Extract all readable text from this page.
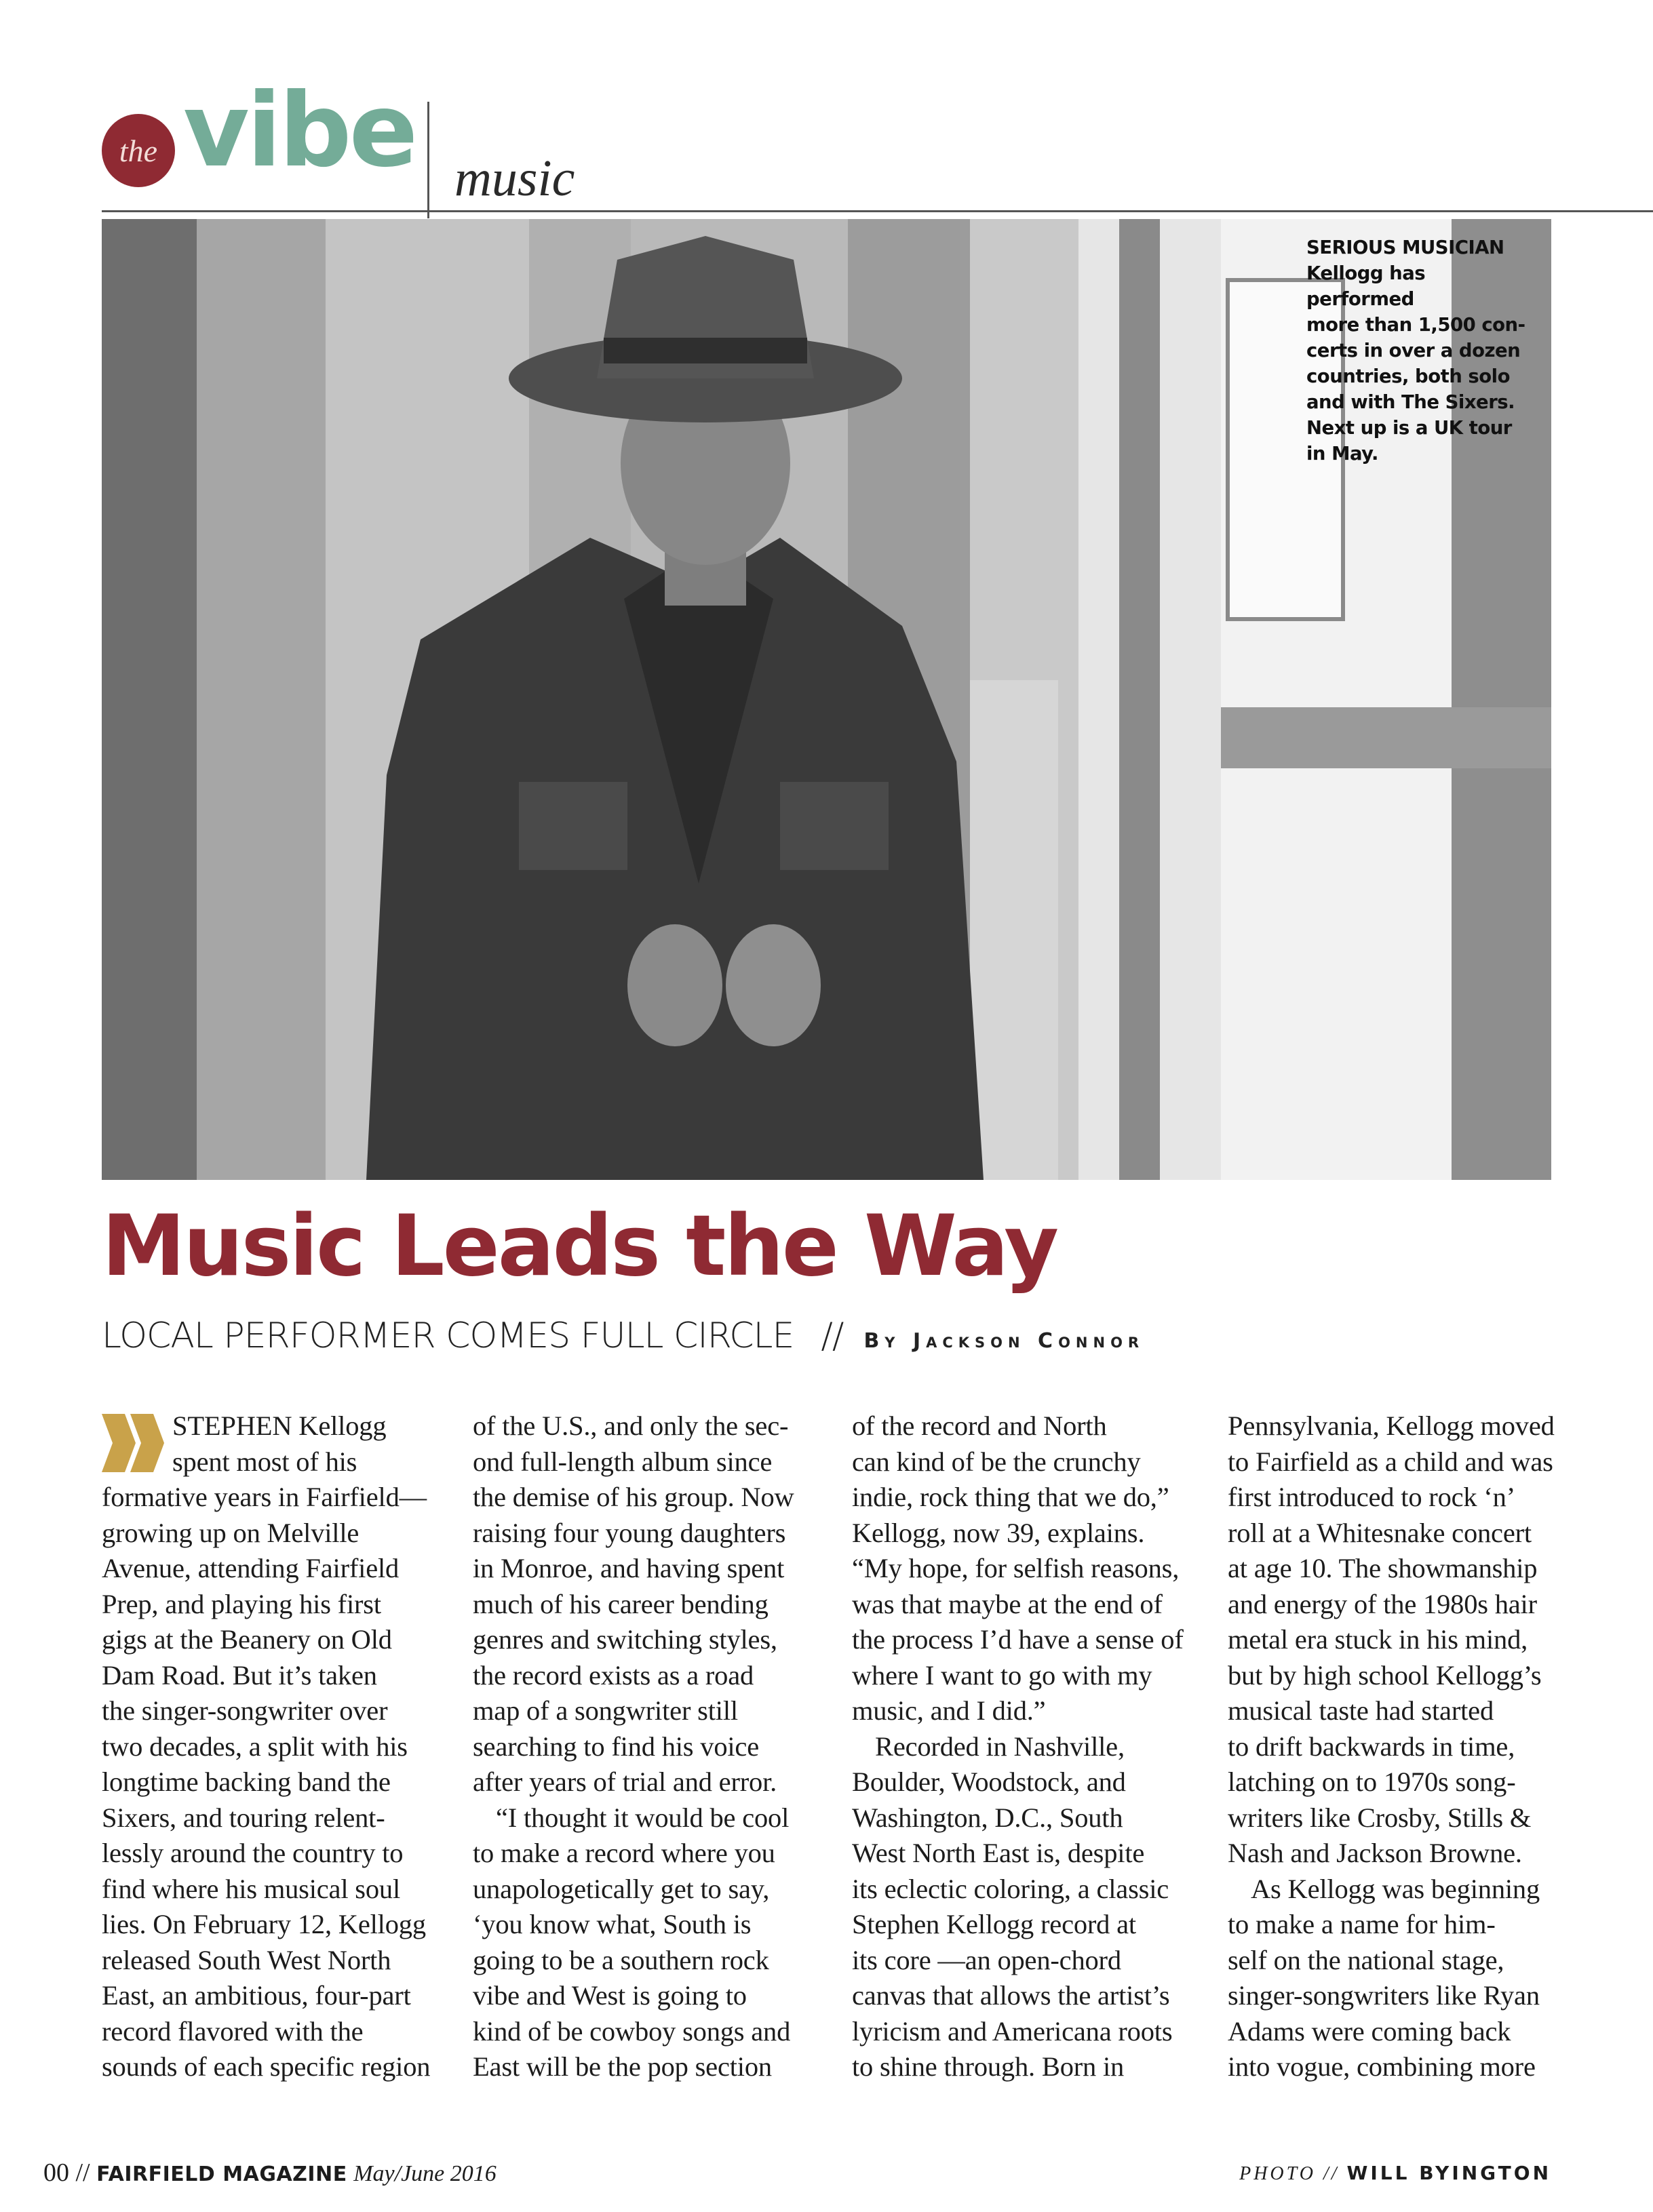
the vibe music
SERIOUS MUSICIAN
Kellogg has performed
more than 1,500 con-
certs in over a dozen
countries, both solo
and with The Sixers.
Next up is a UK tour
in May.
Music Leads the Way
LOCAL PERFORMER COMES FULL CIRCLE // By Jackson Connor
STEPHEN Kellogg
spent most of his
formative years in Fairfield—
growing up on Melville
Avenue, attending Fairfield
Prep, and playing his first
gigs at the Beanery on Old
Dam Road. But it’s taken
the singer-songwriter over
two decades, a split with his
longtime backing band the
Sixers, and touring relent-
lessly around the country to
find where his musical soul
lies. On February 12, Kellogg
released South West North
East, an ambitious, four-part
record flavored with the
sounds of each specific region
of the U.S., and only the sec-
ond full-length album since
the demise of his group. Now
raising four young daughters
in Monroe, and having spent
much of his career bending
genres and switching styles,
the record exists as a road
map of a songwriter still
searching to find his voice
after years of trial and error.
“I thought it would be cool
to make a record where you
unapologetically get to say,
‘you know what, South is
going to be a southern rock
vibe and West is going to
kind of be cowboy songs and
East will be the pop section
of the record and North
can kind of be the crunchy
indie, rock thing that we do,”
Kellogg, now 39, explains.
“My hope, for selfish reasons,
was that maybe at the end of
the process I’d have a sense of
where I want to go with my
music, and I did.”
Recorded in Nashville,
Boulder, Woodstock, and
Washington, D.C., South
West North East is, despite
its eclectic coloring, a classic
Stephen Kellogg record at
its core —an open-chord
canvas that allows the artist’s
lyricism and Americana roots
to shine through. Born in
Pennsylvania, Kellogg moved
to Fairfield as a child and was
first introduced to rock ‘n’
roll at a Whitesnake concert
at age 10. The showmanship
and energy of the 1980s hair
metal era stuck in his mind,
but by high school Kellogg’s
musical taste had started
to drift backwards in time,
latching on to 1970s song-
writers like Crosby, Stills &
Nash and Jackson Browne.
As Kellogg was beginning
to make a name for him-
self on the national stage,
singer-songwriters like Ryan
Adams were coming back
into vogue, combining more
00 // FAIRFIELD MAGAZINE May/June 2016	PHOTO // WILL BYINGTON
